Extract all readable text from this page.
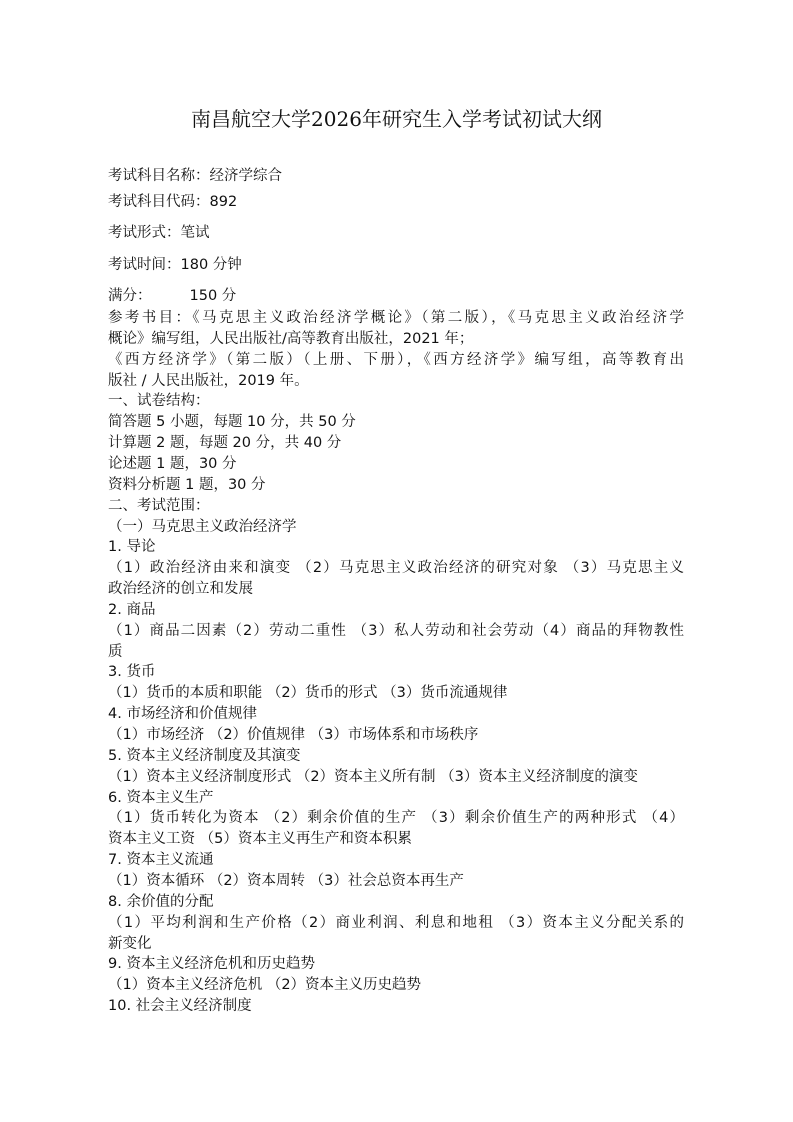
南昌航空大学2026年研究生入学考试初试大纲
考试科目名称：经济学综合
考试科目代码：892
考试形式：笔试
考试时间：180 分钟
满分：	150 分
参考书目：《马克思主义政治经济学概论》（第二版），《马克思主义政治经济学
概论》编写组，人民出版社/高等教育出版社，2021 年；
《西方经济学》（第二版）（上册、下册），《西方经济学》编写组，高等教育出
版社 / 人民出版社，2019 年。
一、试卷结构：
简答题 5 小题，每题 10 分，共 50 分
计算题 2 题，每题 20 分，共 40 分
论述题 1 题，30 分
资料分析题 1 题，30 分
二、考试范围：
（一）马克思主义政治经济学
1. 导论
（1）政治经济由来和演变 （2）马克思主义政治经济的研究对象 （3）马克思主义
政治经济的创立和发展
2. 商品
（1）商品二因素（2）劳动二重性 （3）私人劳动和社会劳动（4）商品的拜物教性
质
3. 货币
（1）货币的本质和职能 （2）货币的形式 （3）货币流通规律
4. 市场经济和价值规律
（1）市场经济 （2）价值规律 （3）市场体系和市场秩序
5. 资本主义经济制度及其演变
（1）资本主义经济制度形式 （2）资本主义所有制 （3）资本主义经济制度的演变
6. 资本主义生产
（1）货币转化为资本 （2）剩余价值的生产 （3）剩余价值生产的两种形式 （4）
资本主义工资 （5）资本主义再生产和资本积累
7. 资本主义流通
（1）资本循环 （2）资本周转 （3）社会总资本再生产
8. 余价值的分配
（1）平均利润和生产价格（2）商业利润、利息和地租 （3）资本主义分配关系的
新变化
9. 资本主义经济危机和历史趋势
（1）资本主义经济危机 （2）资本主义历史趋势
10. 社会主义经济制度
